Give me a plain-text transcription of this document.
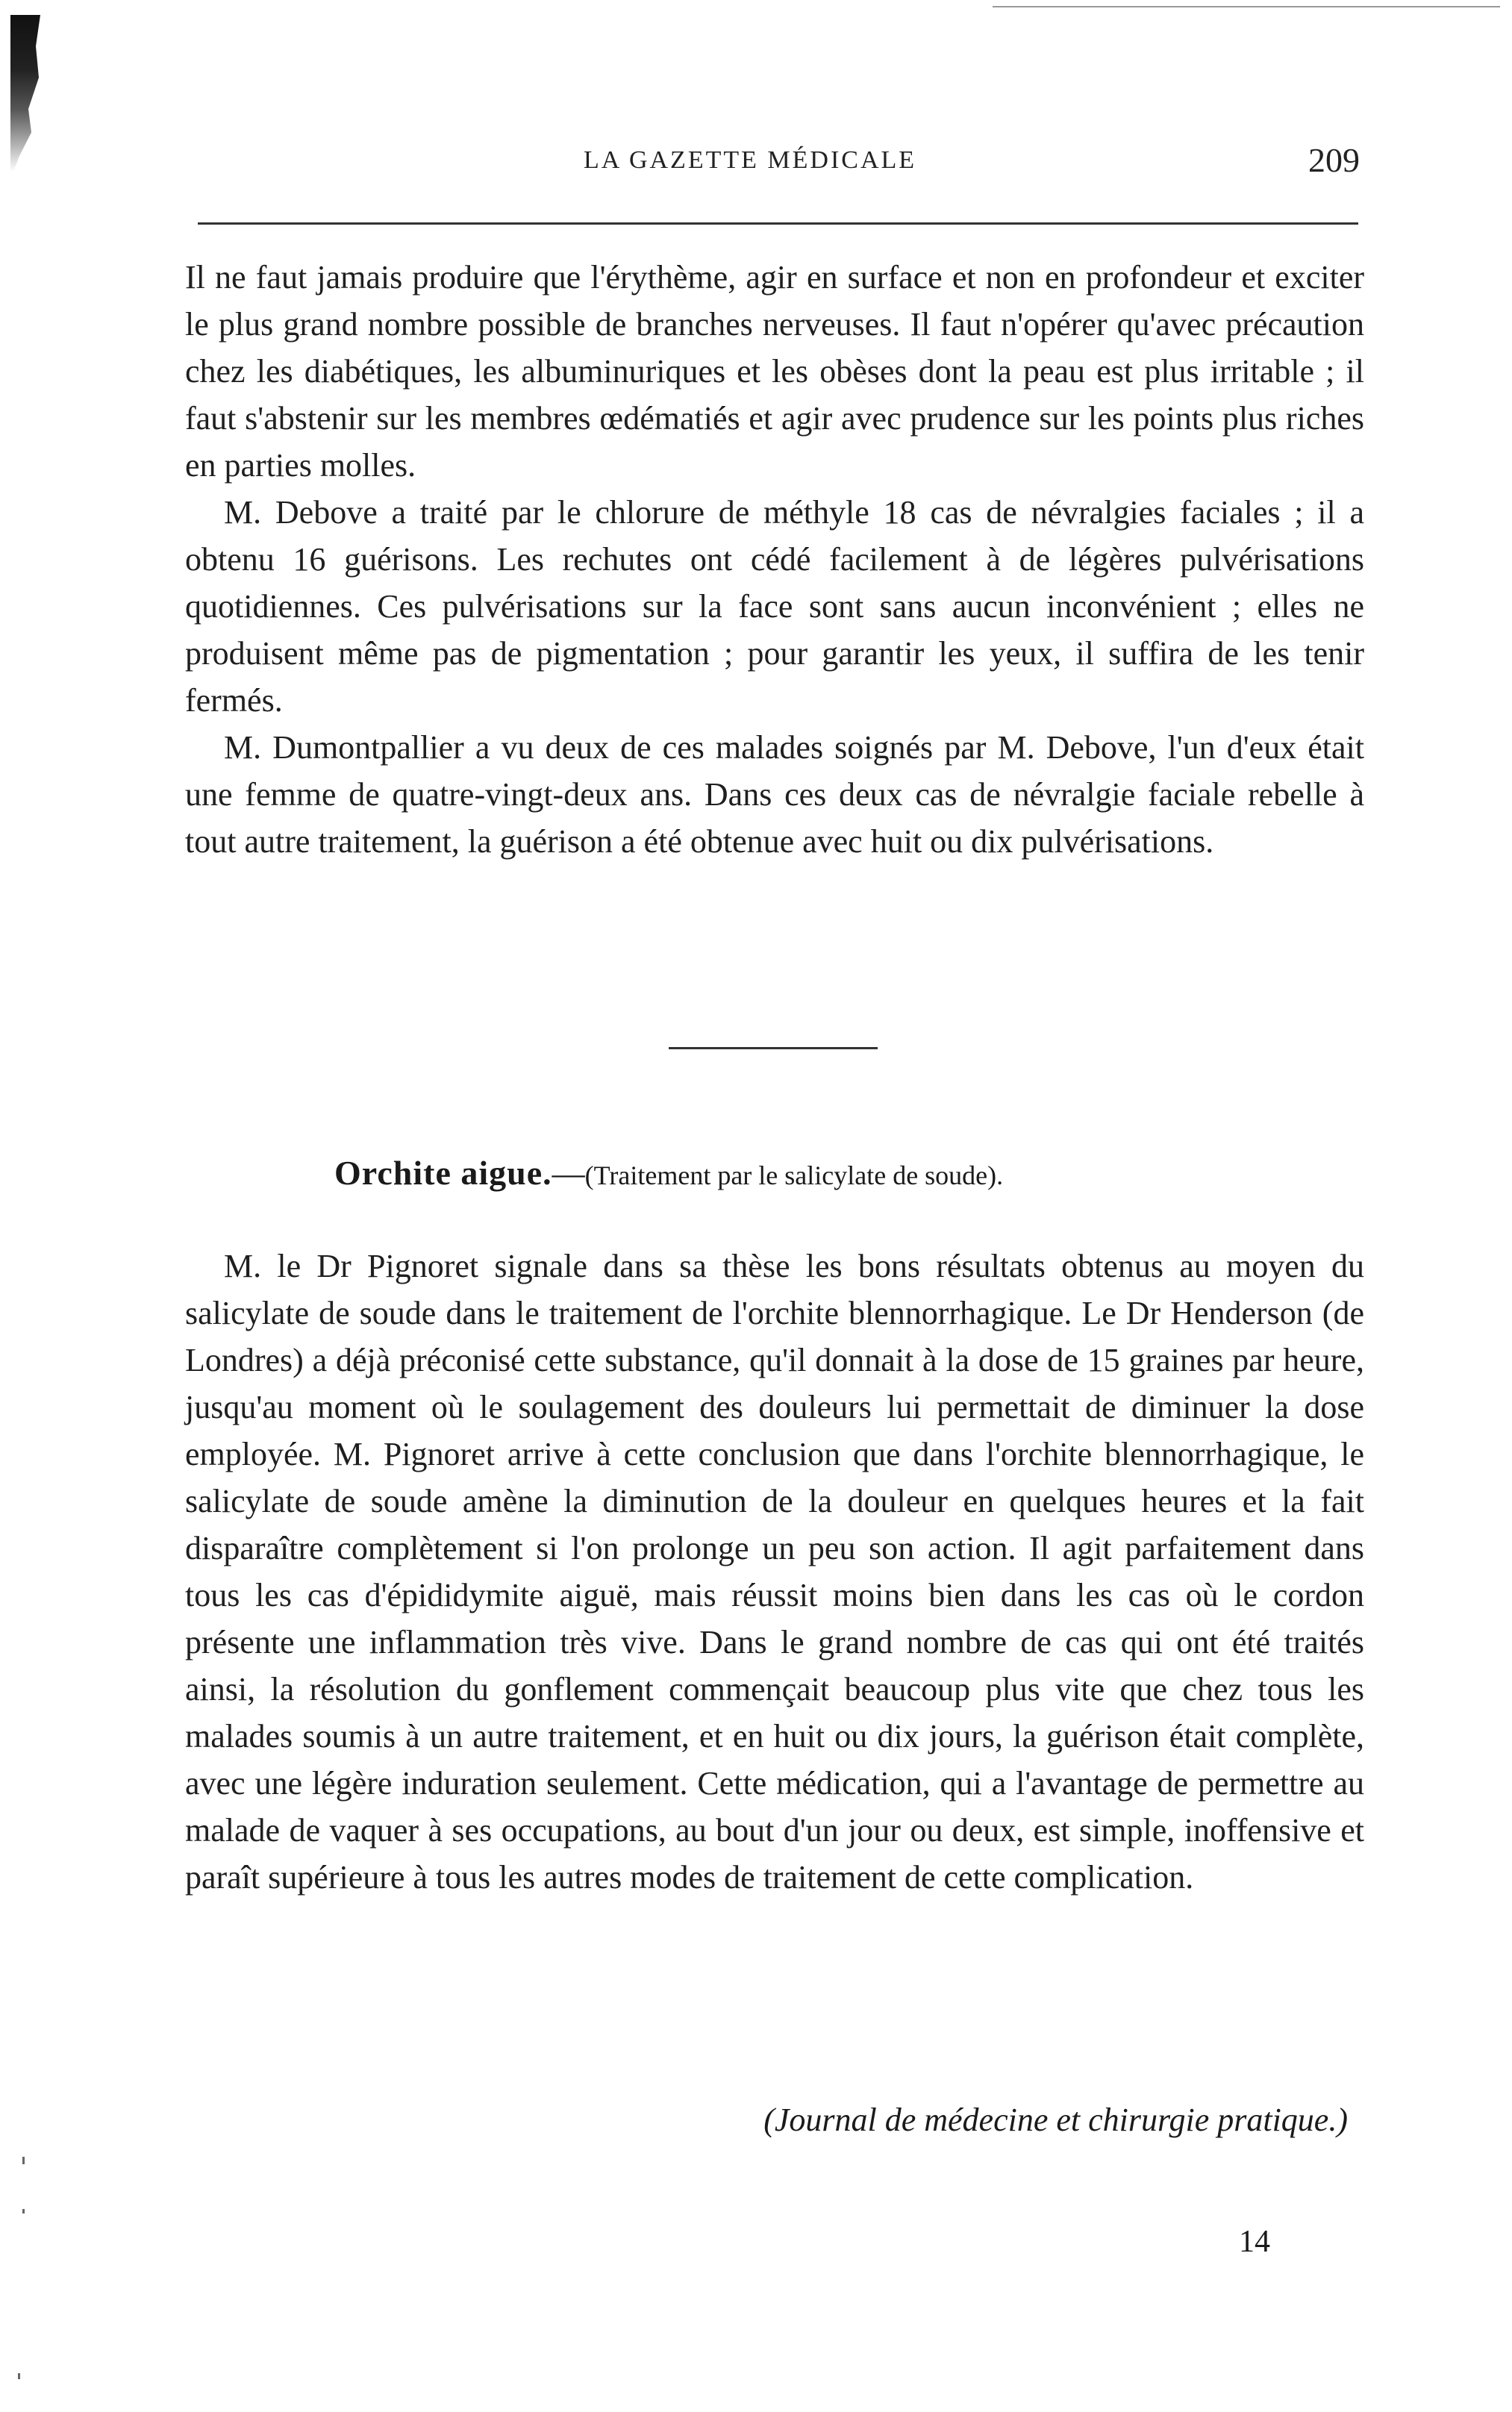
LA GAZETTE MÉDICALE	209

Il ne faut jamais produire que l'érythème, agir en surface et non en profondeur et exciter le plus grand nombre possible de branches nerveuses. Il faut n'opérer qu'avec précaution chez les diabétiques, les albuminuriques et les obèses dont la peau est plus irritable ; il faut s'abstenir sur les membres œdématiés et agir avec prudence sur les points plus riches en parties molles.

M. Debove a traité par le chlorure de méthyle 18 cas de névralgies faciales ; il a obtenu 16 guérisons. Les rechutes ont cédé facilement à de légères pulvérisations quotidiennes. Ces pulvérisations sur la face sont sans aucun inconvénient ; elles ne produisent même pas de pigmentation ; pour garantir les yeux, il suffira de les tenir fermés.

M. Dumontpallier a vu deux de ces malades soignés par M. Debove, l'un d'eux était une femme de quatre-vingt-deux ans. Dans ces deux cas de névralgie faciale rebelle à tout autre traitement, la guérison a été obtenue avec huit ou dix pulvérisations.

Orchite aigue.—(Traitement par le salicylate de soude).

M. le Dr Pignoret signale dans sa thèse les bons résultats obtenus au moyen du salicylate de soude dans le traitement de l'orchite blennorrhagique. Le Dr Henderson (de Londres) a déjà préconisé cette substance, qu'il donnait à la dose de 15 graines par heure, jusqu'au moment où le soulagement des douleurs lui permettait de diminuer la dose employée. M. Pignoret arrive à cette conclusion que dans l'orchite blennorrhagique, le salicylate de soude amène la diminution de la douleur en quelques heures et la fait disparaître complètement si l'on prolonge un peu son action. Il agit parfaitement dans tous les cas d'épididymite aiguë, mais réussit moins bien dans les cas où le cordon présente une inflammation très vive. Dans le grand nombre de cas qui ont été traités ainsi, la résolution du gonflement commençait beaucoup plus vite que chez tous les malades soumis à un autre traitement, et en huit ou dix jours, la guérison était complète, avec une légère induration seulement. Cette médication, qui a l'avantage de permettre au malade de vaquer à ses occupations, au bout d'un jour ou deux, est simple, inoffensive et paraît supérieure à tous les autres modes de traitement de cette complication.

(Journal de médecine et chirurgie pratique.)
14
